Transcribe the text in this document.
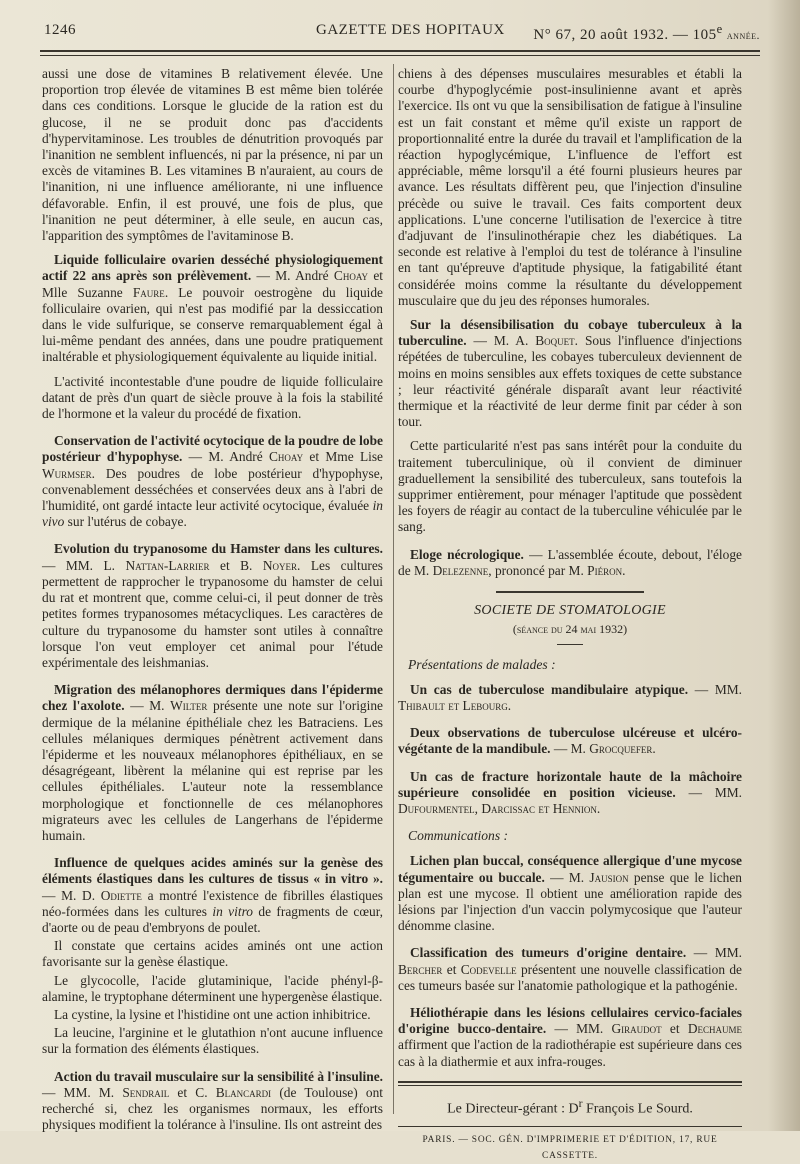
1246	GAZETTE DES HOPITAUX N° 67, 20 août 1932. — 105e année.

aussi une dose de vitamines B relativement élevée. Une proportion trop élevée de vitamines B est même bien tolérée dans ces conditions. Lorsque le glucide de la ration est du glucose, il ne se produit donc pas d'accidents d'hypervitaminose. Les troubles de dénutrition provoqués par l'inanition ne semblent influencés, ni par la présence, ni par un excès de vitamines B. Les vitamines B n'auraient, au cours de l'inanition, ni une influence améliorante, ni une influence défavorable. Enfin, il est prouvé, une fois de plus, que l'inanition ne peut déterminer, à elle seule, en aucun cas, l'apparition des symptômes de l'avitaminose B.

Liquide folliculaire ovarien desséché physiologiquement actif 22 ans après son prélèvement. — M. André Choay et Mlle Suzanne Faure. Le pouvoir oestrogène du liquide folliculaire ovarien, qui n'est pas modifié par la dessiccation dans le vide sulfurique, se conserve remarquablement égal à lui-même pendant des années, dans une poudre pratiquement inaltérable et physiologiquement équivalente au liquide initial.

L'activité incontestable d'une poudre de liquide folliculaire datant de près d'un quart de siècle prouve à la fois la stabilité de l'hormone et la valeur du procédé de fixation.

Conservation de l'activité ocytocique de la poudre de lobe postérieur d'hypophyse. — M. André Choay et Mme Lise Wurmser. Des poudres de lobe postérieur d'hypophyse, convenablement desséchées et conservées deux ans à l'abri de l'humidité, ont gardé intacte leur activité ocytocique, évaluée in vivo sur l'utérus de cobaye.

Evolution du trypanosome du Hamster dans les cultures. — MM. L. Nattan-Larrier et B. Noyer. Les cultures permettent de rapprocher le trypanosome du hamster de celui du rat et montrent que, comme celui-ci, il peut donner de très petites formes trypanosomes métacycliques. Les caractères de culture du trypanosome du hamster sont utiles à connaître lorsque l'on veut employer cet animal pour l'étude expérimentale des leishmanias.

Migration des mélanophores dermiques dans l'épiderme chez l'axolote. — M. Wilter présente une note sur l'origine dermique de la mélanine épithéliale chez les Batraciens. Les cellules mélaniques dermiques pénètrent activement dans l'épiderme et les nouveaux mélanophores épithéliaux, en se désagrégeant, libèrent la mélanine qui est reprise par les cellules épithéliales. L'auteur note la ressemblance morphologique et fonctionnelle de ces mélanophores migrateurs avec les cellules de Langerhans de l'épiderme humain.

Influence de quelques acides aminés sur la genèse des éléments élastiques dans les cultures de tissus « in vitro ». — M. D. Odiette a montré l'existence de fibrilles élastiques néo-formées dans les cultures in vitro de fragments de cœur, d'aorte ou de peau d'embryons de poulet.

Il constate que certains acides aminés ont une action favorisante sur la genèse élastique.

Le glycocolle, l'acide glutaminique, l'acide phényl-β-alamine, le tryptophane déterminent une hypergenèse élastique.

La cystine, la lysine et l'histidine ont une action inhibitrice.

La leucine, l'arginine et le glutathion n'ont aucune influence sur la formation des éléments élastiques.

Action du travail musculaire sur la sensibilité à l'insuline. — MM. M. Sendrail et C. Blancardi (de Toulouse) ont recherché si, chez les organismes normaux, les efforts physiques modifient la tolérance à l'insuline. Ils ont astreint des

chiens à des dépenses musculaires mesurables et établi la courbe d'hypoglycémie post-insulinienne avant et après l'exercice. Ils ont vu que la sensibilisation de fatigue à l'insuline est un fait constant et même qu'il existe un rapport de proportionnalité entre la durée du travail et l'amplification de la réaction hypoglycémique, L'influence de l'effort est appréciable, même lorsqu'il a été fourni plusieurs heures par avance. Les résultats diffèrent peu, que l'injection d'insuline précède ou suive le travail. Ces faits comportent deux applications. L'une concerne l'utilisation de l'exercice à titre d'adjuvant de l'insulinothérapie chez les diabétiques. La seconde est relative à l'emploi du test de tolérance à l'insuline en tant qu'épreuve d'aptitude physique, la fatigabilité étant considérée moins comme la résultante du développement musculaire que du jeu des réponses humorales.

Sur la désensibilisation du cobaye tuberculeux à la tuberculine. — M. A. Boquet. Sous l'influence d'injections répétées de tuberculine, les cobayes tuberculeux deviennent de moins en moins sensibles aux effets toxiques de cette substance ; leur réactivité générale disparaît avant leur réactivité thermique et la réactivité de leur derme finit par céder à son tour.

Cette particularité n'est pas sans intérêt pour la conduite du traitement tuberculinique, où il convient de diminuer graduellement la sensibilité des tuberculeux, sans toutefois la supprimer entièrement, pour ménager l'aptitude que possèdent les foyers de réagir au contact de la tuberculine véhiculée par le sang.

Eloge nécrologique. — L'assemblée écoute, debout, l'éloge de M. Delezenne, prononcé par M. Piéron.

SOCIETE DE STOMATOLOGIE
(séance du 24 mai 1932)
Présentations de malades :

Un cas de tuberculose mandibulaire atypique. — MM. Thibault et Lebourg.

Deux observations de tuberculose ulcéreuse et ulcéro-végétante de la mandibule. — M. Grocquefer.

Un cas de fracture horizontale haute de la mâchoire supérieure consolidée en position vicieuse. — MM. Dufourmentel, Darcissac et Hennion.

Communications :

Lichen plan buccal, conséquence allergique d'une mycose tégumentaire ou buccale. — M. Jausion pense que le lichen plan est une mycose. Il obtient une amélioration rapide des lésions par l'injection d'un vaccin polymycosique que l'auteur dénomme clasine.

Classification des tumeurs d'origine dentaire. — MM. Bercher et Codevelle présentent une nouvelle classification de ces tumeurs basée sur l'anatomie pathologique et la pathogénie.

Héliothérapie dans les lésions cellulaires cervico-faciales d'origine bucco-dentaire. — MM. Giraudot et Dechaume affirment que l'action de la radiothérapie est supérieure dans ces cas à la diathermie et aux infra-rouges.

Le Directeur-gérant : $D^r$ François Le Sourd.
PARIS. — SOC. GÉN. D'IMPRIMERIE ET D'ÉDITION, 17, RUE CASSETTE.
